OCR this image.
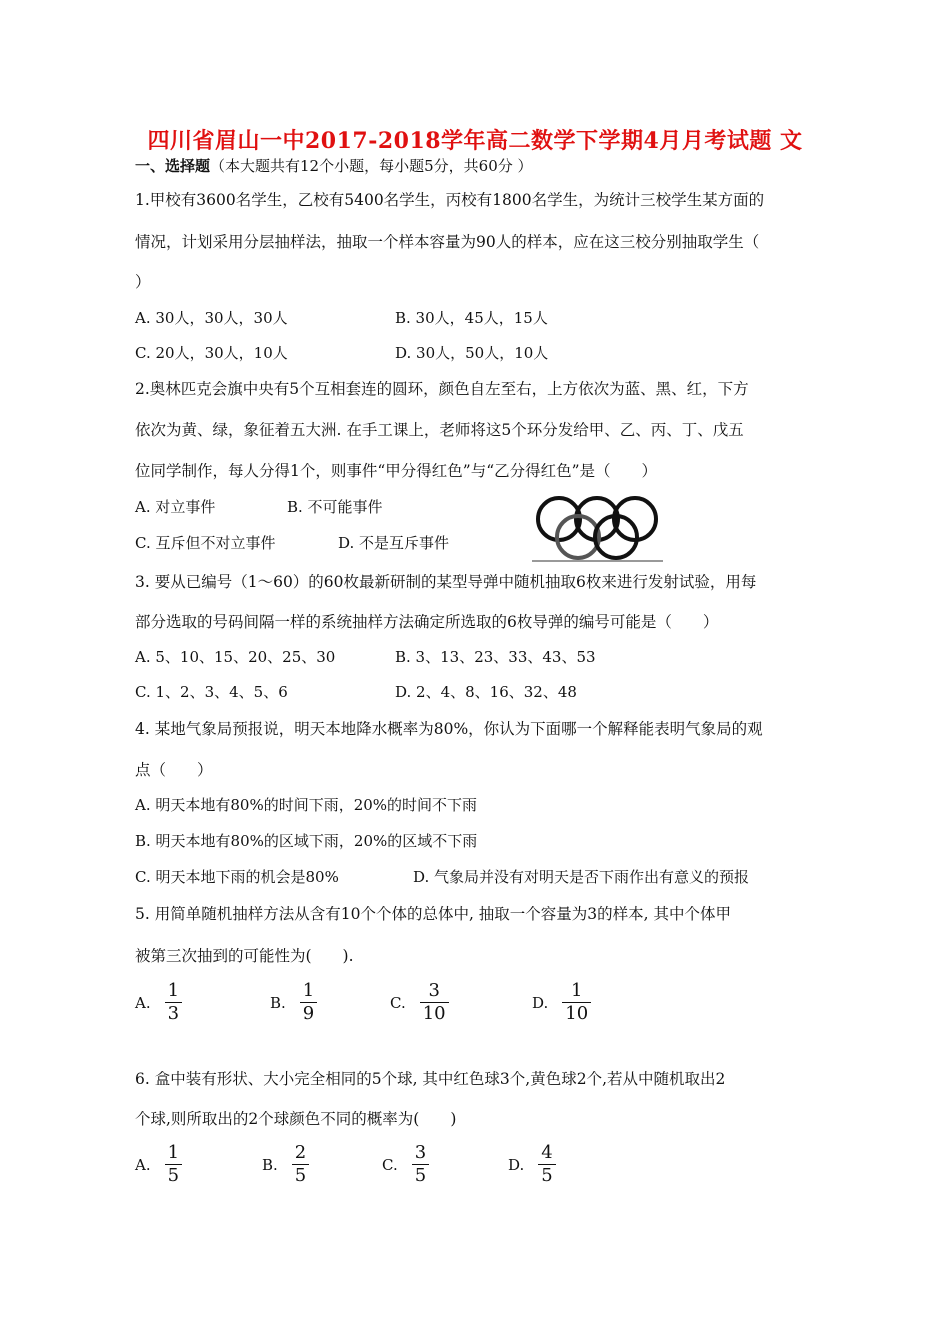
四川省眉山一中2017-2018学年高二数学下学期4月月考试题 文
一、选择题（本大题共有12个小题，每小题5分，共60分 ）
1.甲校有3600名学生，乙校有5400名学生，丙校有1800名学生，为统计三校学生某方面的
情况，计划采用分层抽样法，抽取一个样本容量为90人的样本，应在这三校分别抽取学生（
）
A. 30人，30人，30人	B. 30人，45人，15人
C. 20人，30人，10人	D. 30人，50人，10人
2.奥林匹克会旗中央有5个互相套连的圆环，颜色自左至右，上方依次为蓝、黑、红，下方
依次为黄、绿，象征着五大洲. 在手工课上，老师将这5个环分发给甲、乙、丙、丁、戊五
位同学制作，每人分得1个，则事件“甲分得红色”与“乙分得红色”是（　　）
A. 对立事件	B. 不可能事件
C. 互斥但不对立事件	D. 不是互斥事件
3. 要从已编号（1～60）的60枚最新研制的某型导弹中随机抽取6枚来进行发射试验，用每
部分选取的号码间隔一样的系统抽样方法确定所选取的6枚导弹的编号可能是（　　）
A. 5、10、15、20、25、30	B. 3、13、23、33、43、53
C. 1、2、3、4、5、6	D. 2、4、8、16、32、48
4. 某地气象局预报说，明天本地降水概率为80%，你认为下面哪一个解释能表明气象局的观
点（　　）
A. 明天本地有80%的时间下雨，20%的时间不下雨
B. 明天本地有80%的区域下雨，20%的区域不下雨
C. 明天本地下雨的机会是80%	D. 气象局并没有对明天是否下雨作出有意义的预报
5. 用简单随机抽样方法从含有10个个体的总体中, 抽取一个容量为3的样本, 其中个体甲
被第三次抽到的可能性为(　　).
A. $\frac{1}{3}$	B. $\frac{1}{9}$	C. $\frac{3}{10}$	D. $\frac{1}{10}$
6. 盒中装有形状、大小完全相同的5个球, 其中红色球3个,黄色球2个,若从中随机取出2
个球,则所取出的2个球颜色不同的概率为(　　)
A. $\frac{1}{5}$	B. $\frac{2}{5}$	C. $\frac{3}{5}$	D. $\frac{4}{5}$
